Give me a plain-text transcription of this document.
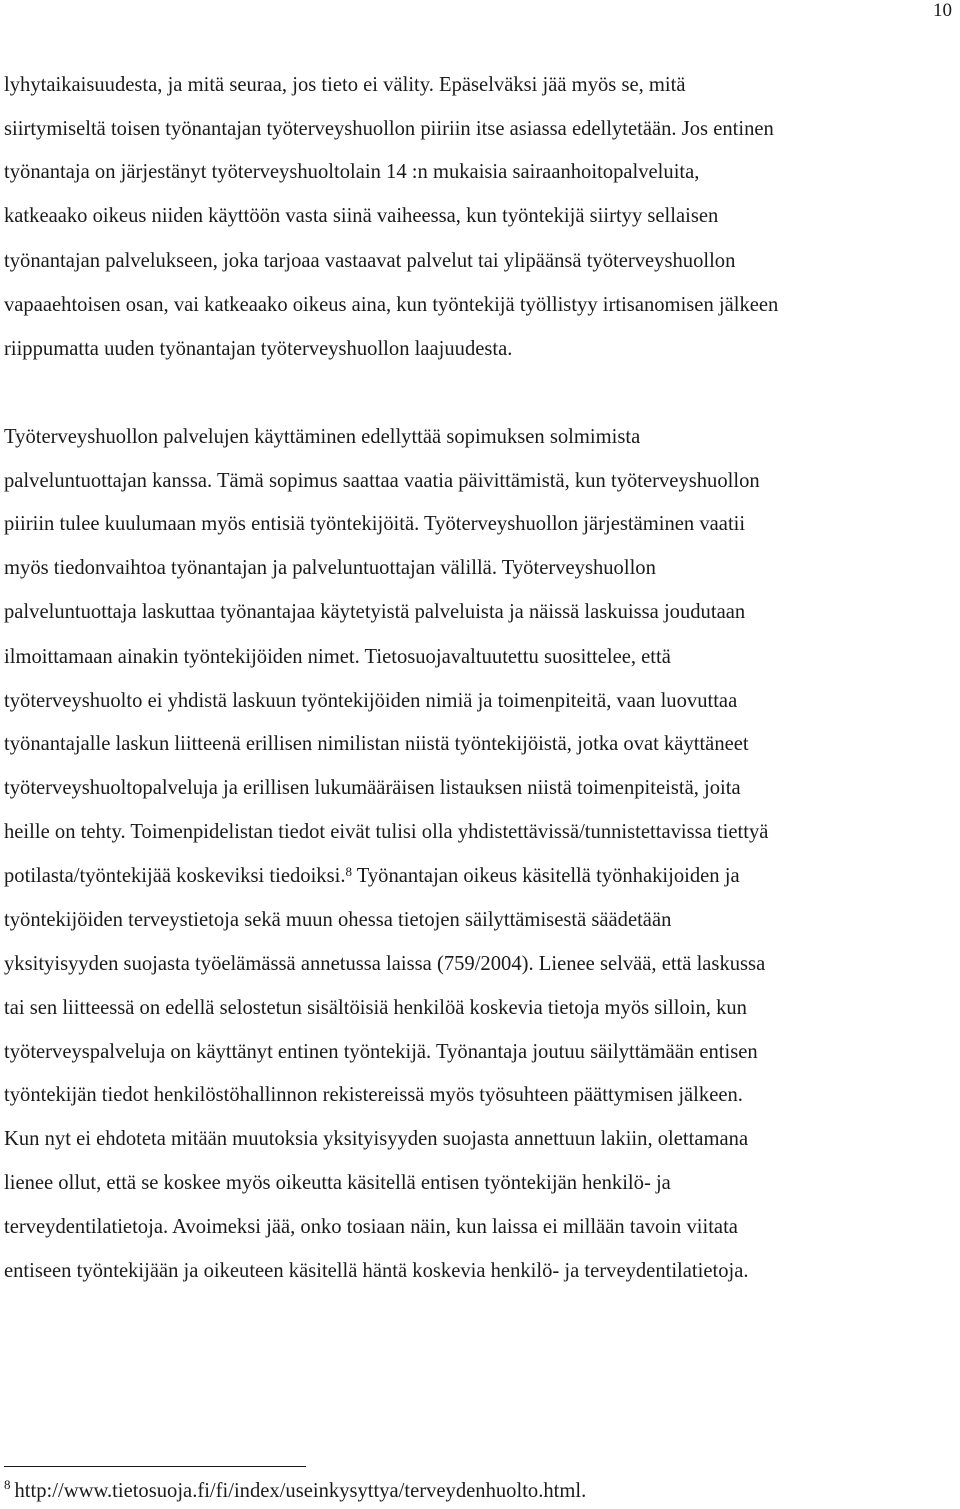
10
lyhytaikaisuudesta, ja mitä seuraa, jos tieto ei välity. Epäselväksi jää myös se, mitä
siirtymiseltä toisen työnantajan työterveyshuollon piiriin itse asiassa edellytetään. Jos entinen
työnantaja on järjestänyt työterveyshuoltolain 14 :n mukaisia sairaanhoitopalveluita,
katkeaako oikeus niiden käyttöön vasta siinä vaiheessa, kun työntekijä siirtyy sellaisen
työnantajan palvelukseen, joka tarjoaa vastaavat palvelut tai ylipäänsä työterveyshuollon
vapaaehtoisen osan, vai katkeaako oikeus aina, kun työntekijä työllistyy irtisanomisen jälkeen
riippumatta uuden työnantajan työterveyshuollon laajuudesta.
Työterveyshuollon palvelujen käyttäminen edellyttää sopimuksen solmimista
palveluntuottajan kanssa. Tämä sopimus saattaa vaatia päivittämistä, kun työterveyshuollon
piiriin tulee kuulumaan myös entisiä työntekijöitä. Työterveyshuollon järjestäminen vaatii
myös tiedonvaihtoa työnantajan ja palveluntuottajan välillä. Työterveyshuollon
palveluntuottaja laskuttaa työnantajaa käytetyistä palveluista ja näissä laskuissa joudutaan
ilmoittamaan ainakin työntekijöiden nimet. Tietosuojavaltuutettu suosittelee, että
työterveyshuolto ei yhdistä laskuun työntekijöiden nimiä ja toimenpiteitä, vaan luovuttaa
työnantajalle laskun liitteenä erillisen nimilistan niistä työntekijöistä, jotka ovat käyttäneet
työterveyshuoltopalveluja ja erillisen lukumääräisen listauksen niistä toimenpiteistä, joita
heille on tehty. Toimenpidelistan tiedot eivät tulisi olla yhdistettävissä/tunnistettavissa tiettyä
potilasta/työntekijää koskeviksi tiedoiksi.$^8$ Työnantajan oikeus käsitellä työnhakijoiden ja
työntekijöiden terveystietoja sekä muun ohessa tietojen säilyttämisestä säädetään
yksityisyyden suojasta työelämässä annetussa laissa (759/2004). Lienee selvää, että laskussa
tai sen liitteessä on edellä selostetun sisältöisiä henkilöä koskevia tietoja myös silloin, kun
työterveyspalveluja on käyttänyt entinen työntekijä. Työnantaja joutuu säilyttämään entisen
työntekijän tiedot henkilöstöhallinnon rekistereissä myös työsuhteen päättymisen jälkeen.
Kun nyt ei ehdoteta mitään muutoksia yksityisyyden suojasta annettuun lakiin, olettamana
lienee ollut, että se koskee myös oikeutta käsitellä entisen työntekijän henkilö- ja
terveydentilatietoja. Avoimeksi jää, onko tosiaan näin, kun laissa ei millään tavoin viitata
entiseen työntekijään ja oikeuteen käsitellä häntä koskevia henkilö- ja terveydentilatietoja.
$^8$ http://www.tietosuoja.fi/fi/index/useinkysyttya/terveydenhuolto.html.
